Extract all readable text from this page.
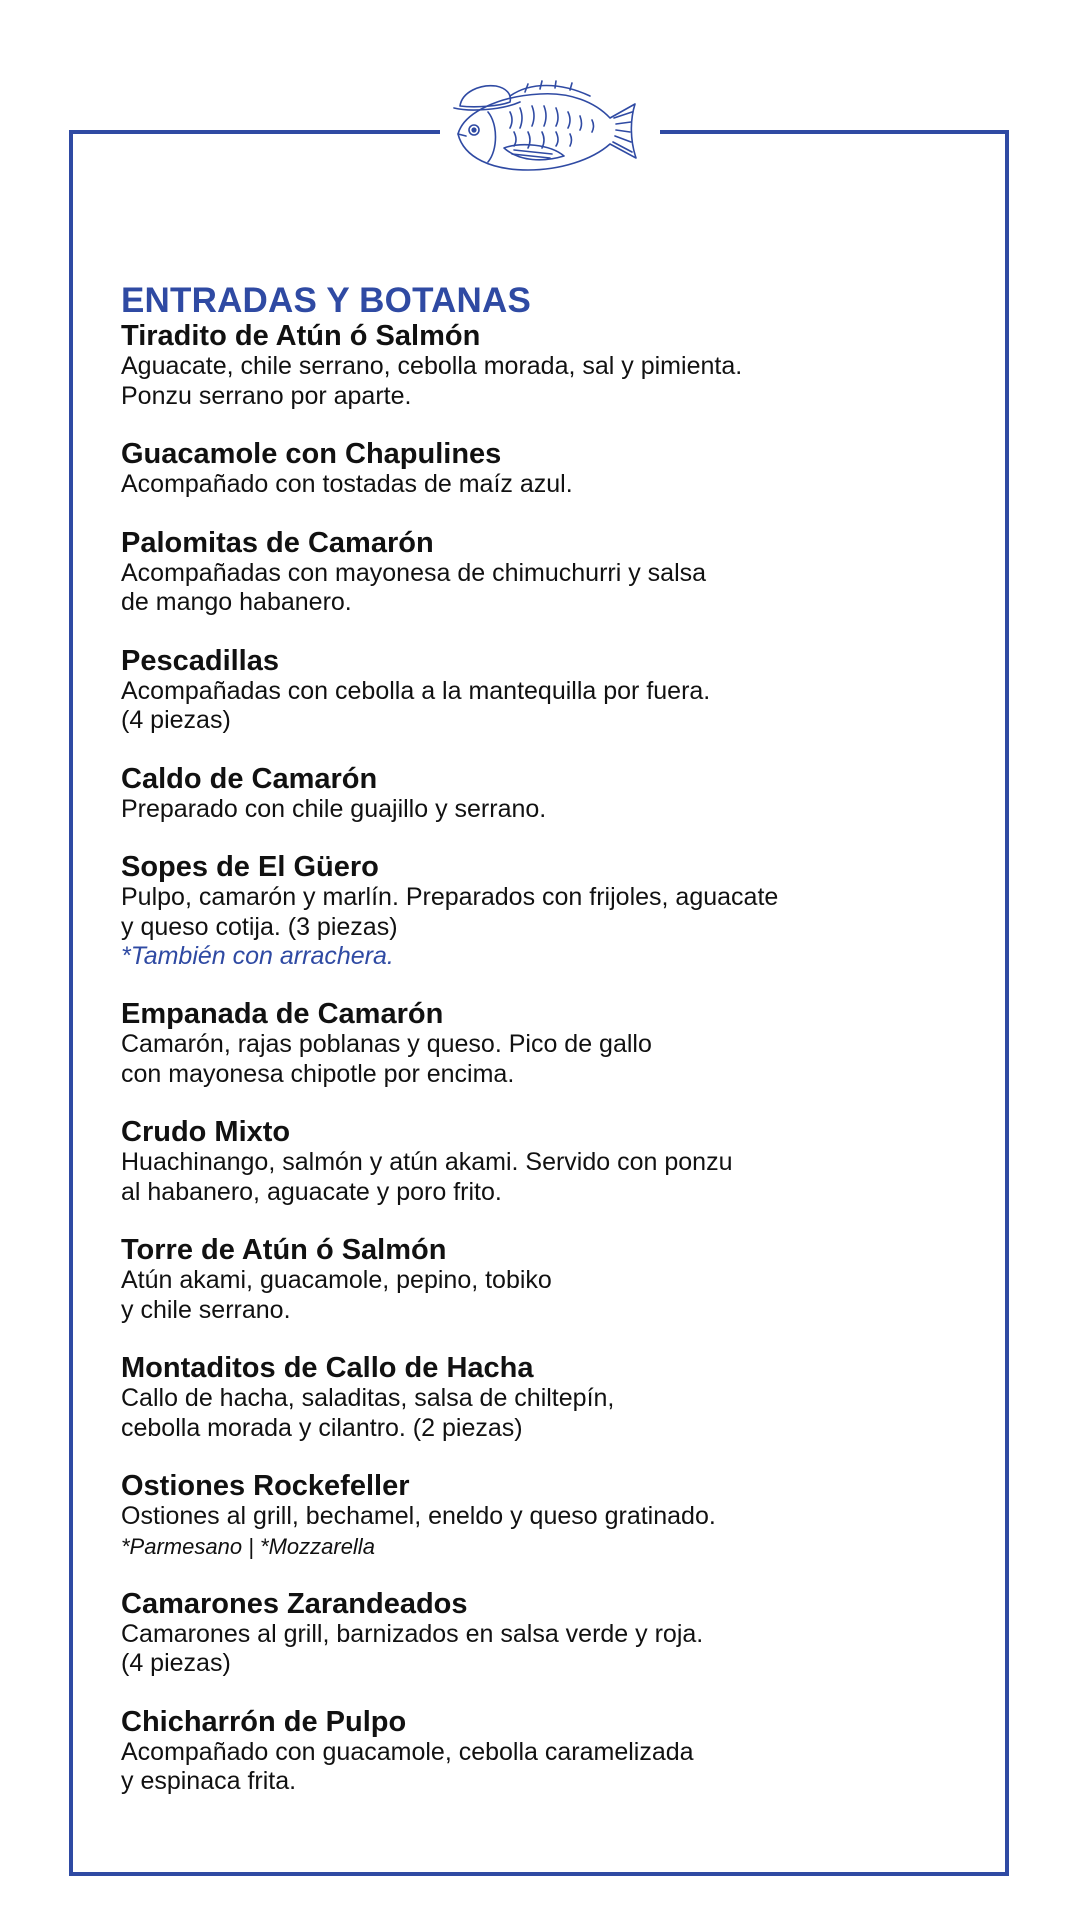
ENTRADAS Y BOTANAS
Tiradito de Atún ó Salmón
Aguacate, chile serrano, cebolla morada, sal y pimienta.
Ponzu serrano por aparte.
Guacamole con Chapulines
Acompañado con tostadas de maíz azul.
Palomitas de Camarón
Acompañadas con mayonesa de chimuchurri y salsa
de mango habanero.
Pescadillas
Acompañadas con cebolla a la mantequilla por fuera.
(4 piezas)
Caldo de Camarón
Preparado con chile guajillo y serrano.
Sopes de El Güero
Pulpo, camarón y marlín. Preparados con frijoles, aguacate
y queso cotija. (3 piezas)
*También con arrachera.
Empanada de Camarón
Camarón, rajas poblanas y queso. Pico de gallo
con mayonesa chipotle por encima.
Crudo Mixto
Huachinango, salmón y atún akami. Servido con ponzu
al habanero, aguacate y poro frito.
Torre de Atún ó Salmón
Atún akami, guacamole, pepino, tobiko
y chile serrano.
Montaditos de Callo de Hacha
Callo de hacha, saladitas, salsa de chiltepín,
cebolla morada y cilantro. (2 piezas)
Ostiones Rockefeller
Ostiones al grill, bechamel, eneldo y queso gratinado.
*Parmesano | *Mozzarella
Camarones Zarandeados
Camarones al grill, barnizados en salsa verde y roja.
(4 piezas)
Chicharrón de Pulpo
Acompañado con guacamole, cebolla caramelizada
y espinaca frita.
